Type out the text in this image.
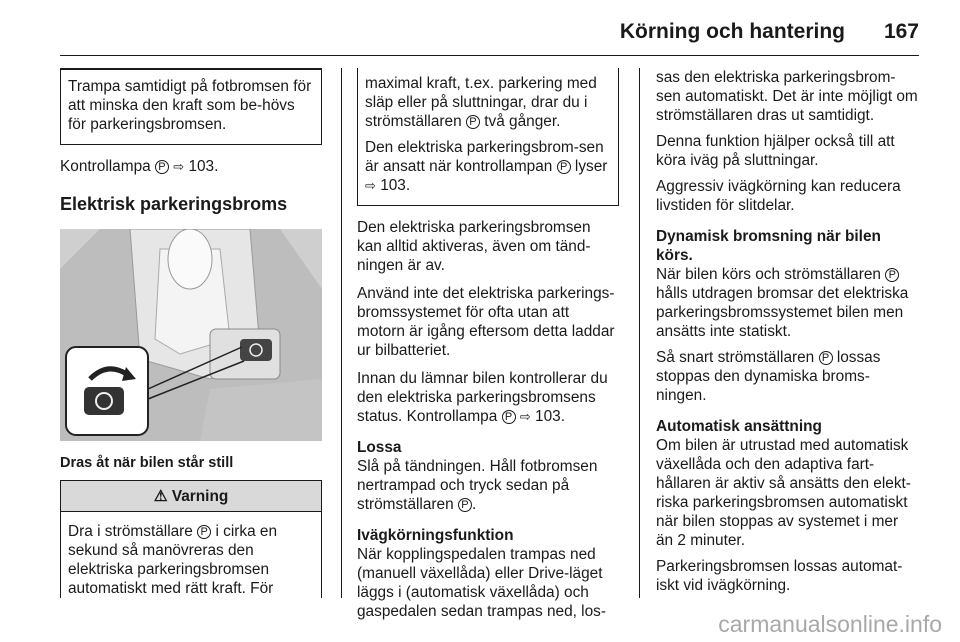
Körning och hantering 167

Trampa samtidigt på fotbromsen för att minska den kraft som be-hövs för parkeringsbromsen.

Kontrollampa P ⇨ 103.

Elektrisk parkeringsbroms
Dras åt när bilen står still
⚠ Varning

Dra i strömställare P i cirka en sekund så manövreras den elektriska parkeringsbromsen automatiskt med rätt kraft. För

maximal kraft, t.ex. parkering med släp eller på sluttningar, drar du i strömställaren P två gånger.

Den elektriska parkeringsbrom-sen är ansatt när kontrollampan P lyser ⇨ 103.

Den elektriska parkeringsbromsen kan alltid aktiveras, även om tänd-ningen är av.

Använd inte det elektriska parkerings-bromssystemet för ofta utan att motorn är igång eftersom detta laddar ur bilbatteriet.

Innan du lämnar bilen kontrollerar du den elektriska parkeringsbromsens status. Kontrollampa P ⇨ 103.

Lossa

Slå på tändningen. Håll fotbromsen nertrampad och tryck sedan på strömställaren P .

Ivägkörningsfunktion

När kopplingspedalen trampas ned (manuell växellåda) eller Drive-läget läggs i (automatisk växellåda) och gaspedalen sedan trampas ned, los-

sas den elektriska parkeringsbrom-sen automatiskt. Det är inte möjligt om strömställaren dras ut samtidigt.

Denna funktion hjälper också till att köra iväg på sluttningar.

Aggressiv ivägkörning kan reducera livstiden för slitdelar.

Dynamisk bromsning när bilen körs.

När bilen körs och strömställaren P hålls utdragen bromsar det elektriska parkeringsbromssystemet bilen men ansätts inte statiskt.

Så snart strömställaren P lossas stoppas den dynamiska broms-ningen.

Automatisk ansättning

Om bilen är utrustad med automatisk växellåda och den adaptiva fart-hållaren är aktiv så ansätts den elekt-riska parkeringsbromsen automatiskt när bilen stoppas av systemet i mer än 2 minuter.

Parkeringsbromsen lossas automat-iskt vid ivägkörning.

carmanualsonline.info
